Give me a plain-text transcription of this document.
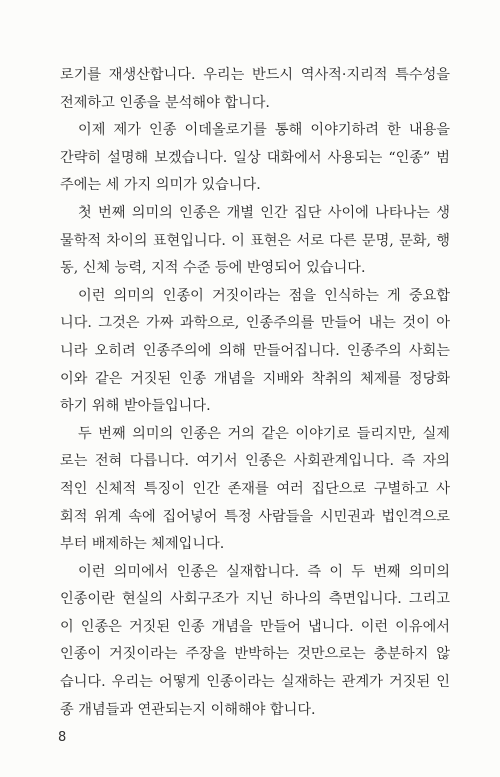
로기를 재생산합니다. 우리는 반드시 역사적·지리적 특수성을
전제하고 인종을 분석해야 합니다.
이제 제가 인종 이데올로기를 통해 이야기하려 한 내용을
간략히 설명해 보겠습니다. 일상 대화에서 사용되는 “인종” 범
주에는 세 가지 의미가 있습니다.
첫 번째 의미의 인종은 개별 인간 집단 사이에 나타나는 생
물학적 차이의 표현입니다. 이 표현은 서로 다른 문명, 문화, 행
동, 신체 능력, 지적 수준 등에 반영되어 있습니다.
이런 의미의 인종이 거짓이라는 점을 인식하는 게 중요합
니다. 그것은 가짜 과학으로, 인종주의를 만들어 내는 것이 아
니라 오히려 인종주의에 의해 만들어집니다. 인종주의 사회는
이와 같은 거짓된 인종 개념을 지배와 착취의 체제를 정당화
하기 위해 받아들입니다.
두 번째 의미의 인종은 거의 같은 이야기로 들리지만, 실제
로는 전혀 다릅니다. 여기서 인종은 사회관계입니다. 즉 자의
적인 신체적 특징이 인간 존재를 여러 집단으로 구별하고 사
회적 위계 속에 집어넣어 특정 사람들을 시민권과 법인격으로
부터 배제하는 체제입니다.
이런 의미에서 인종은 실재합니다. 즉 이 두 번째 의미의
인종이란 현실의 사회구조가 지닌 하나의 측면입니다. 그리고
이 인종은 거짓된 인종 개념을 만들어 냅니다. 이런 이유에서
인종이 거짓이라는 주장을 반박하는 것만으로는 충분하지 않
습니다. 우리는 어떻게 인종이라는 실재하는 관계가 거짓된 인
종 개념들과 연관되는지 이해해야 합니다.
8
